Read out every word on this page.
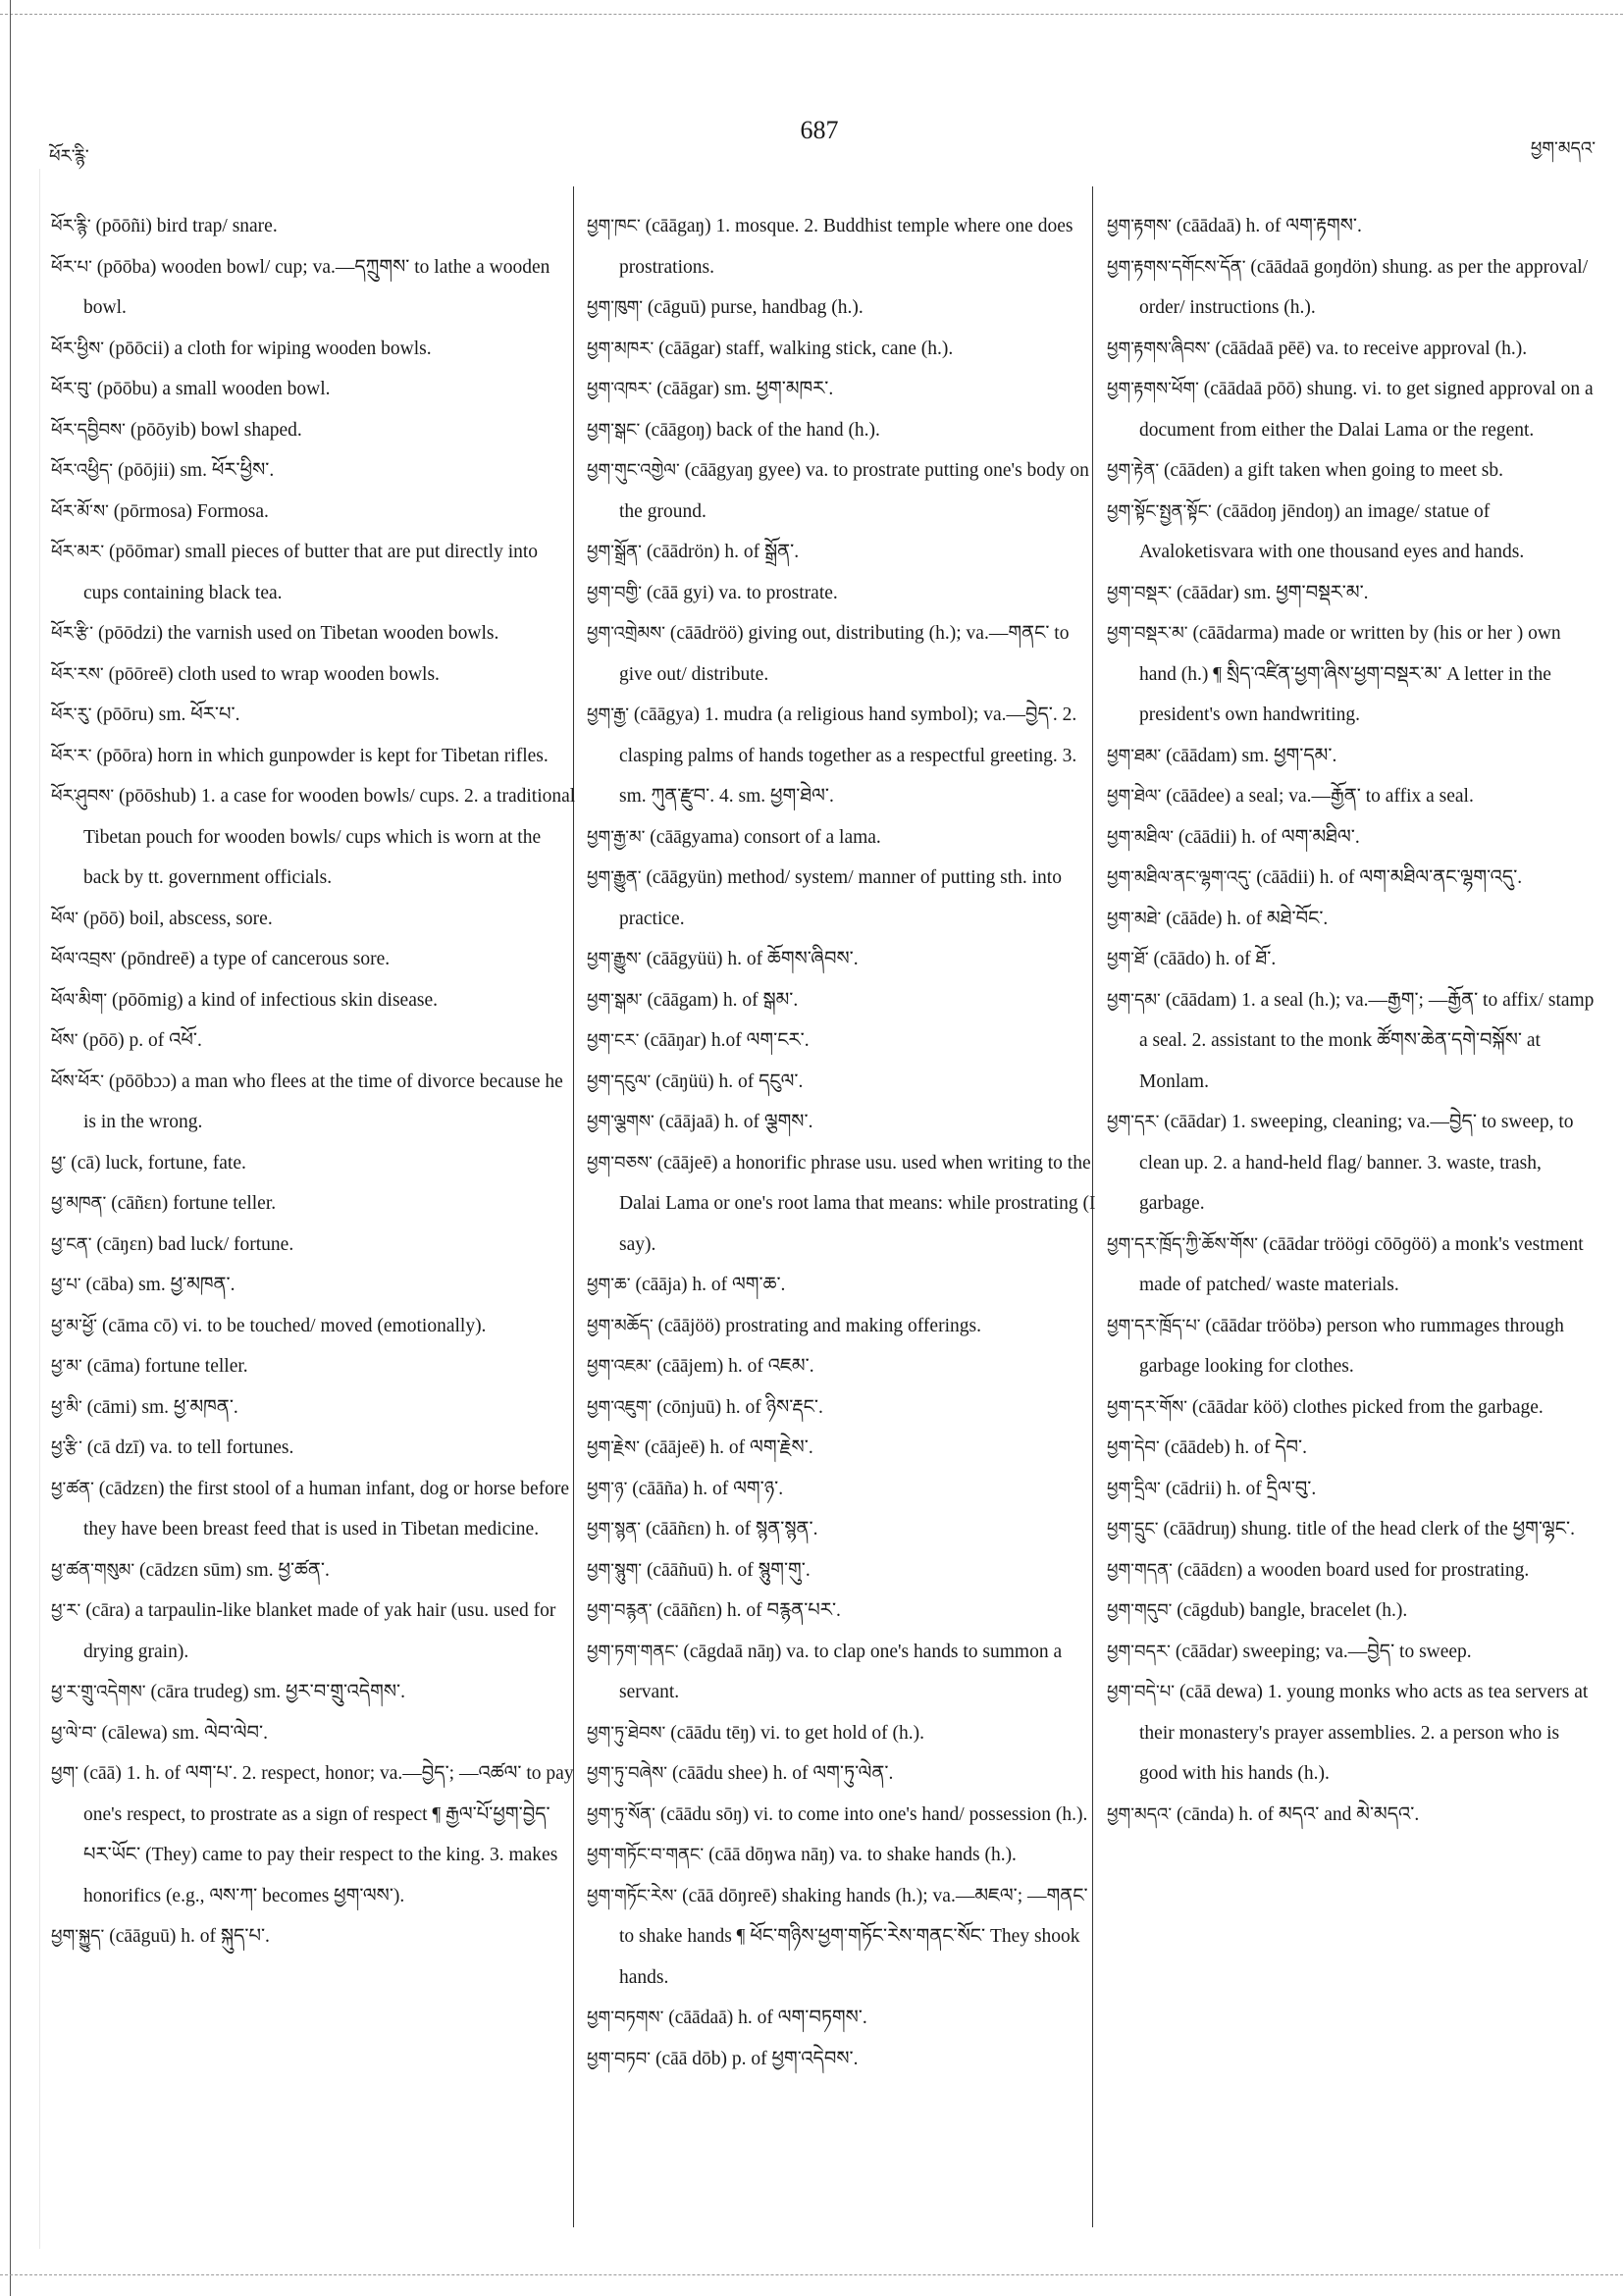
ཕོར་རྙི་
687
ཕྱག་མདའ་

ཕོར་རྙི་ (pōōñi) bird trap/ snare.

ཕོར་པ་ (pōōba) wooden bowl/ cup; va.—དཀྲུགས་ to lathe a wooden bowl.

ཕོར་ཕྱིས་ (pōōcii) a cloth for wiping wooden bowls.

ཕོར་བུ་ (pōōbu) a small wooden bowl.

ཕོར་དབྱིབས་ (pōōyib) bowl shaped.

ཕོར་འཕྱིད་ (pōōjii) sm. ཕོར་ཕྱིས་.

ཕོར་མོ་ས་ (pōrmosa) Formosa.

ཕོར་མར་ (pōōmar) small pieces of butter that are put directly into cups containing black tea.

ཕོར་རྩི་ (pōōdzi) the varnish used on Tibetan wooden bowls.

ཕོར་རས་ (pōōreē) cloth used to wrap wooden bowls.

ཕོར་རུ་ (pōōru) sm. ཕོར་པ་.

ཕོར་ར་ (pōōra) horn in which gunpowder is kept for Tibetan rifles.

ཕོར་ཤུབས་ (pōōshub) 1. a case for wooden bowls/ cups. 2. a traditional Tibetan pouch for wooden bowls/ cups which is worn at the back by tt. government officials.

ཕོལ་ (pōō) boil, abscess, sore.

ཕོལ་འབྲས་ (pōndreē) a type of cancerous sore.

ཕོལ་མིག་ (pōōmig) a kind of infectious skin disease.

ཕོས་ (pōō) p. of འཕོ་.

ཕོས་ཕོར་ (pōōbɔɔ) a man who flees at the time of divorce because he is in the wrong.

ཕྱ་ (cā) luck, fortune, fate.

ཕྱ་མཁན་ (cāñɛn) fortune teller.

ཕྱ་ངན་ (cāŋɛn) bad luck/ fortune.

ཕྱ་པ་ (cāba) sm. ཕྱ་མཁན་.

ཕྱ་མ་ཕྱོ་ (cāma cō) vi. to be touched/ moved (emotionally).

ཕྱ་མ་ (cāma) fortune teller.

ཕྱ་མི་ (cāmi) sm. ཕྱ་མཁན་.

ཕྱ་རྩི་ (cā dzī) va. to tell fortunes.

ཕྱ་ཚན་ (cādzɛn) the first stool of a human infant, dog or horse before they have been breast feed that is used in Tibetan medicine.

ཕྱ་ཚན་གསུམ་ (cādzɛn sūm) sm. ཕྱ་ཚན་.

ཕྱ་ར་ (cāra) a tarpaulin-like blanket made of yak hair (usu. used for drying grain).

ཕྱ་ར་གྲུ་འདེགས་ (cāra trudeg) sm. ཕྱར་བ་གྲུ་འདེགས་.

ཕྱ་ལེ་བ་ (cālewa) sm. ལེབ་ལེབ་.

ཕྱག་ (cāā) 1. h. of ལག་པ་. 2. respect, honor; va.—བྱེད་; —འཚལ་ to pay one's respect, to prostrate as a sign of respect ¶ རྒྱལ་པོ་ཕྱག་བྱེད་པར་ཡོང་ (They) came to pay their respect to the king. 3. makes honorifics (e.g., ལས་ཀ་ becomes ཕྱག་ལས་).

ཕྱག་སྐྱུད་ (cāāguū) h. of སྐུད་པ་.

ཕྱག་ཁང་ (cāāgaŋ) 1. mosque. 2. Buddhist temple where one does prostrations.

ཕྱག་ཁུག་ (cāguū) purse, handbag (h.).

ཕྱག་མཁར་ (cāāgar) staff, walking stick, cane (h.).

ཕྱག་འཁར་ (cāāgar) sm. ཕྱག་མཁར་.

ཕྱག་སྒང་ (cāāgoŋ) back of the hand (h.).

ཕྱག་གུང་འགྱེལ་ (cāāgyaŋ gyee) va. to prostrate putting one's body on the ground.

ཕྱག་སྒྲོན་ (cāādrön) h. of སྒྲོན་.

ཕྱག་བགྱི་ (cāā gyi) va. to prostrate.

ཕྱག་འགྲེམས་ (cāādröö) giving out, distributing (h.); va.—གནང་ to give out/ distribute.

ཕྱག་རྒྱ་ (cāāgya) 1. mudra (a religious hand symbol); va.—བྱེད་. 2. clasping palms of hands together as a respectful greeting. 3. sm. ཀུན་རྫུབ་. 4. sm. ཕྱག་ཐེལ་.

ཕྱག་རྒྱ་མ་ (cāāgyama) consort of a lama.

ཕྱག་རྒྱུན་ (cāāgyün) method/ system/ manner of putting sth. into practice.

ཕྱག་རྒྱུས་ (cāāgyüü) h. of ཆོགས་ཞིབས་.

ཕྱག་སྒམ་ (cāāgam) h. of སྒམ་.

ཕྱག་ངར་ (cāāŋar) h.of ལག་ངར་.

ཕྱག་དངུལ་ (cāŋüü) h. of དངུལ་.

ཕྱག་ལྕགས་ (cāājaā) h. of ལྕགས་.

ཕྱག་བཅས་ (cāājeē) a honorific phrase usu. used when writing to the Dalai Lama or one's root lama that means: while prostrating (I say).

ཕྱག་ཆ་ (cāāja) h. of ལག་ཆ་.

ཕྱག་མཆོད་ (cāājöö) prostrating and making offerings.

ཕྱག་འཇམ་ (cāājem) h. of འཇམ་.

ཕྱག་འཇུག་ (cōnjuū) h. of ཉིས་རྡང་.

ཕྱག་རྗེས་ (cāājeē) h. of ལག་རྗེས་.

ཕྱག་ཉ་ (cāāña) h. of ལག་ཉ་.

ཕྱག་སྙན་ (cāāñɛn) h. of སྙན་སྙན་.

ཕྱག་སྙུག་ (cāāñuū) h. of སྙུག་གུ་.

ཕྱག་བརྙན་ (cāāñɛn) h. of བརྙན་པར་.

ཕྱག་ཏག་གནང་ (cāgdaā nāŋ) va. to clap one's hands to summon a servant.

ཕྱག་ཏུ་ཐེབས་ (cāādu tēŋ) vi. to get hold of (h.).

ཕྱག་ཏུ་བཞེས་ (cāādu shee) h. of ལག་ཏུ་ལེན་.

ཕྱག་ཏུ་སོན་ (cāādu sōŋ) vi. to come into one's hand/ possession (h.).

ཕྱག་གཏོང་བ་གནང་ (cāā dōŋwa nāŋ) va. to shake hands (h.).

ཕྱག་གཏོང་རེས་ (cāā dōŋreē) shaking hands (h.); va.—མཇལ་; —གནང་ to shake hands ¶ ཕོང་གཉིས་ཕྱག་གཏོང་རེས་གནང་སོང་ They shook hands.

ཕྱག་བཏགས་ (cāādaā) h. of ལག་བཏགས་.

ཕྱག་བཏབ་ (cāā dōb) p. of ཕྱག་འདེབས་.

ཕྱག་རྟགས་ (cāādaā) h. of ལག་རྟགས་.

ཕྱག་རྟགས་དགོངས་དོན་ (cāādaā goŋdön) shung. as per the approval/ order/ instructions (h.).

ཕྱག་རྟགས་ཞིབས་ (cāādaā pēē) va. to receive approval (h.).

ཕྱག་རྟགས་ཕོག་ (cāādaā pōō) shung. vi. to get signed approval on a document from either the Dalai Lama or the regent.

ཕྱག་རྟེན་ (cāāden) a gift taken when going to meet sb.

ཕྱག་སྟོང་སྤྱན་སྟོང་ (cāādoŋ jēndoŋ) an image/ statue of Avaloketisvara with one thousand eyes and hands.

ཕྱག་བསྡར་ (cāādar) sm. ཕྱག་བསྡར་མ་.

ཕྱག་བསྡར་མ་ (cāādarma) made or written by (his or her ) own hand (h.) ¶ སྲིད་འཛིན་ཕྱག་ཞིས་ཕྱག་བསྡར་མ་ A letter in the president's own handwriting.

ཕྱག་ཐམ་ (cāādam) sm. ཕྱག་དམ་.

ཕྱག་ཐེལ་ (cāādee) a seal; va.—རྒྱོན་ to affix a seal.

ཕྱག་མཐིལ་ (cāādii) h. of ལག་མཐིལ་.

ཕྱག་མཐིལ་ནང་ལྷག་འདུ་ (cāādii) h. of ལག་མཐིལ་ནང་ལྷག་འདུ་.

ཕྱག་མཐེ་ (cāāde) h. of མཐེ་བོང་.

ཕྱག་ཐོ་ (cāādo) h. of ཐོ་.

ཕྱག་དམ་ (cāādam) 1. a seal (h.); va.—རྒྱག་; —རྒྱོན་ to affix/ stamp a seal. 2. assistant to the monk ཚོགས་ཆེན་དགེ་བསྐོས་ at Monlam.

ཕྱག་དར་ (cāādar) 1. sweeping, cleaning; va.—བྱེད་ to sweep, to clean up. 2. a hand-held flag/ banner. 3. waste, trash, garbage.

ཕྱག་དར་ཁྲོད་ཀྱི་ཆོས་གོས་ (cāādar trööɡi cōōɡöö) a monk's vestment made of patched/ waste materials.

ཕྱག་དར་ཁྲོད་པ་ (cāādar trööbə) person who rummages through garbage looking for clothes.

ཕྱག་དར་གོས་ (cāādar köö) clothes picked from the garbage.

ཕྱག་དེབ་ (cāādeb) h. of དེབ་.

ཕྱག་དྲིལ་ (cādrii) h. of དྲིལ་བུ་.

ཕྱག་དྲུང་ (cāādruŋ) shung. title of the head clerk of the ཕྱག་ལྷང་.

ཕྱག་གདན་ (cāādɛn) a wooden board used for prostrating.

ཕྱག་གདུབ་ (cāgdub) bangle, bracelet (h.).

ཕྱག་བདར་ (cāādar) sweeping; va.—བྱེད་ to sweep.

ཕྱག་བདེ་པ་ (cāā dewa) 1. young monks who acts as tea servers at their monastery's prayer assemblies. 2. a person who is good with his hands (h.).

ཕྱག་མདའ་ (cānda) h. of མདའ་ and མེ་མདའ་.
